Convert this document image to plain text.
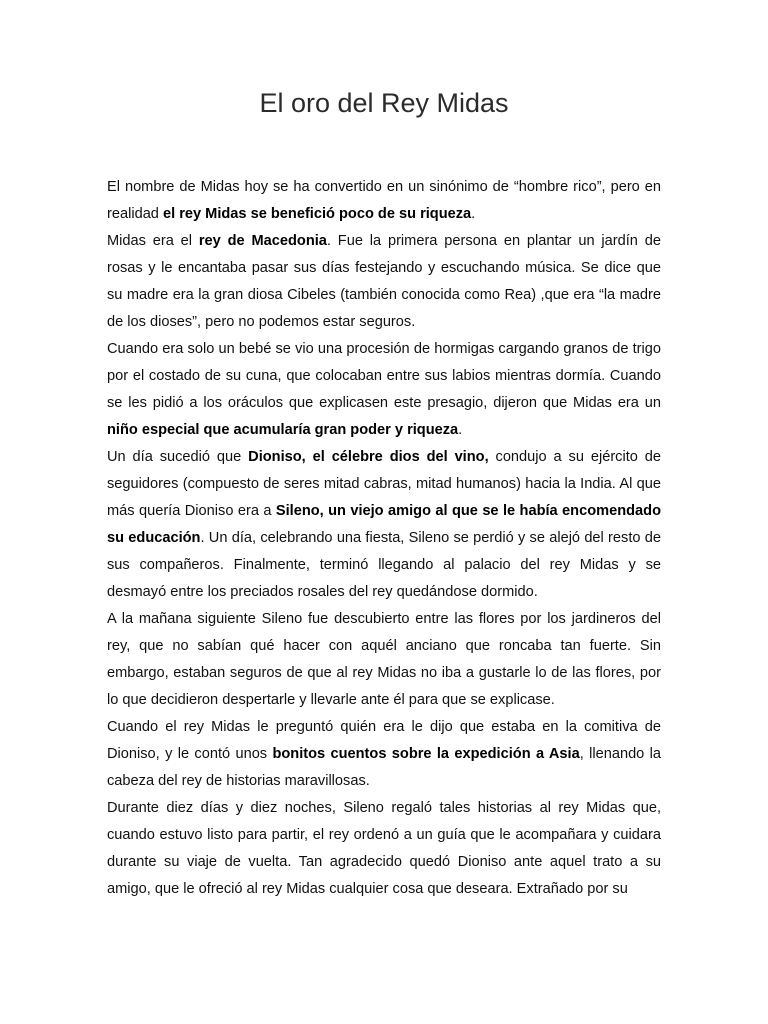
El oro del Rey Midas

El nombre de Midas hoy se ha convertido en un sinónimo de “hombre rico”, pero en realidad el rey Midas se benefició poco de su riqueza.

Midas era el rey de Macedonia. Fue la primera persona en plantar un jardín de rosas y le encantaba pasar sus días festejando y escuchando música. Se dice que su madre era la gran diosa Cibeles (también conocida como Rea) ,que era “la madre de los dioses”, pero no podemos estar seguros.

Cuando era solo un bebé se vio una procesión de hormigas cargando granos de trigo por el costado de su cuna, que colocaban entre sus labios mientras dormía. Cuando se les pidió a los oráculos que explicasen este presagio, dijeron que Midas era un niño especial que acumularía gran poder y riqueza.

Un día sucedió que Dioniso, el célebre dios del vino, condujo a su ejército de seguidores (compuesto de seres mitad cabras, mitad humanos) hacia la India. Al que más quería Dioniso era a Sileno, un viejo amigo al que se le había encomendado su educación. Un día, celebrando una fiesta, Sileno se perdió y se alejó del resto de sus compañeros. Finalmente, terminó llegando al palacio del rey Midas y se desmayó entre los preciados rosales del rey quedándose dormido.

A la mañana siguiente Sileno fue descubierto entre las flores por los jardineros del rey, que no sabían qué hacer con aquél anciano que roncaba tan fuerte. Sin embargo, estaban seguros de que al rey Midas no iba a gustarle lo de las flores, por lo que decidieron despertarle y llevarle ante él para que se explicase.

Cuando el rey Midas le preguntó quién era le dijo que estaba en la comitiva de Dioniso, y le contó unos bonitos cuentos sobre la expedición a Asia, llenando la cabeza del rey de historias maravillosas.

Durante diez días y diez noches, Sileno regaló tales historias al rey Midas que, cuando estuvo listo para partir, el rey ordenó a un guía que le acompañara y cuidara durante su viaje de vuelta. Tan agradecido quedó Dioniso ante aquel trato a su amigo, que le ofreció al rey Midas cualquier cosa que deseara. Extrañado por su
